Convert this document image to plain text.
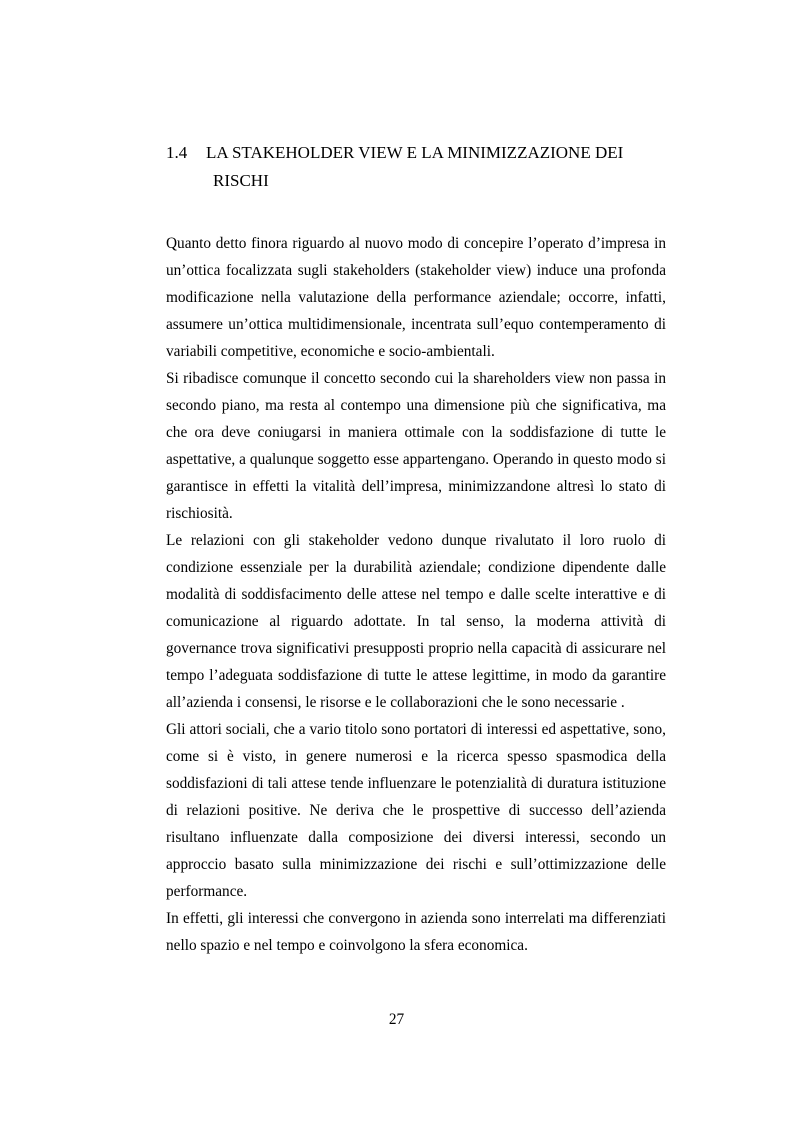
1.4 LA STAKEHOLDER VIEW E LA MINIMIZZAZIONE DEI
RISCHI

Quanto detto finora riguardo al nuovo modo di concepire l’operato d’impresa in un’ottica focalizzata sugli stakeholders (stakeholder view) induce una profonda modificazione nella valutazione della performance aziendale; occorre, infatti, assumere un’ottica multidimensionale, incentrata sull’equo contemperamento di variabili competitive, economiche e socio-ambientali.

Si ribadisce comunque il concetto secondo cui la shareholders view non passa in secondo piano, ma resta al contempo una dimensione più che significativa, ma che ora deve coniugarsi in maniera ottimale con la soddisfazione di tutte le aspettative, a qualunque soggetto esse appartengano. Operando in questo modo si garantisce in effetti la vitalità dell’impresa, minimizzandone altresì lo stato di rischiosità.

Le relazioni con gli stakeholder vedono dunque rivalutato il loro ruolo di condizione essenziale per la durabilità aziendale; condizione dipendente dalle modalità di soddisfacimento delle attese nel tempo e dalle scelte interattive e di comunicazione al riguardo adottate. In tal senso, la moderna attività di governance trova significativi presupposti proprio nella capacità di assicurare nel tempo l’adeguata soddisfazione di tutte le attese legittime, in modo da garantire all’azienda i consensi, le risorse e le collaborazioni che le sono necessarie .

Gli attori sociali, che a vario titolo sono portatori di interessi ed aspettative, sono, come si è visto, in genere numerosi e la ricerca spesso spasmodica della soddisfazioni di tali attese tende influenzare le potenzialità di duratura istituzione di relazioni positive. Ne deriva che le prospettive di successo dell’azienda risultano influenzate dalla composizione dei diversi interessi, secondo un approccio basato sulla minimizzazione dei rischi e sull’ottimizzazione delle performance.

In effetti, gli interessi che convergono in azienda sono interrelati ma differenziati nello spazio e nel tempo e coinvolgono la sfera economica.

27
